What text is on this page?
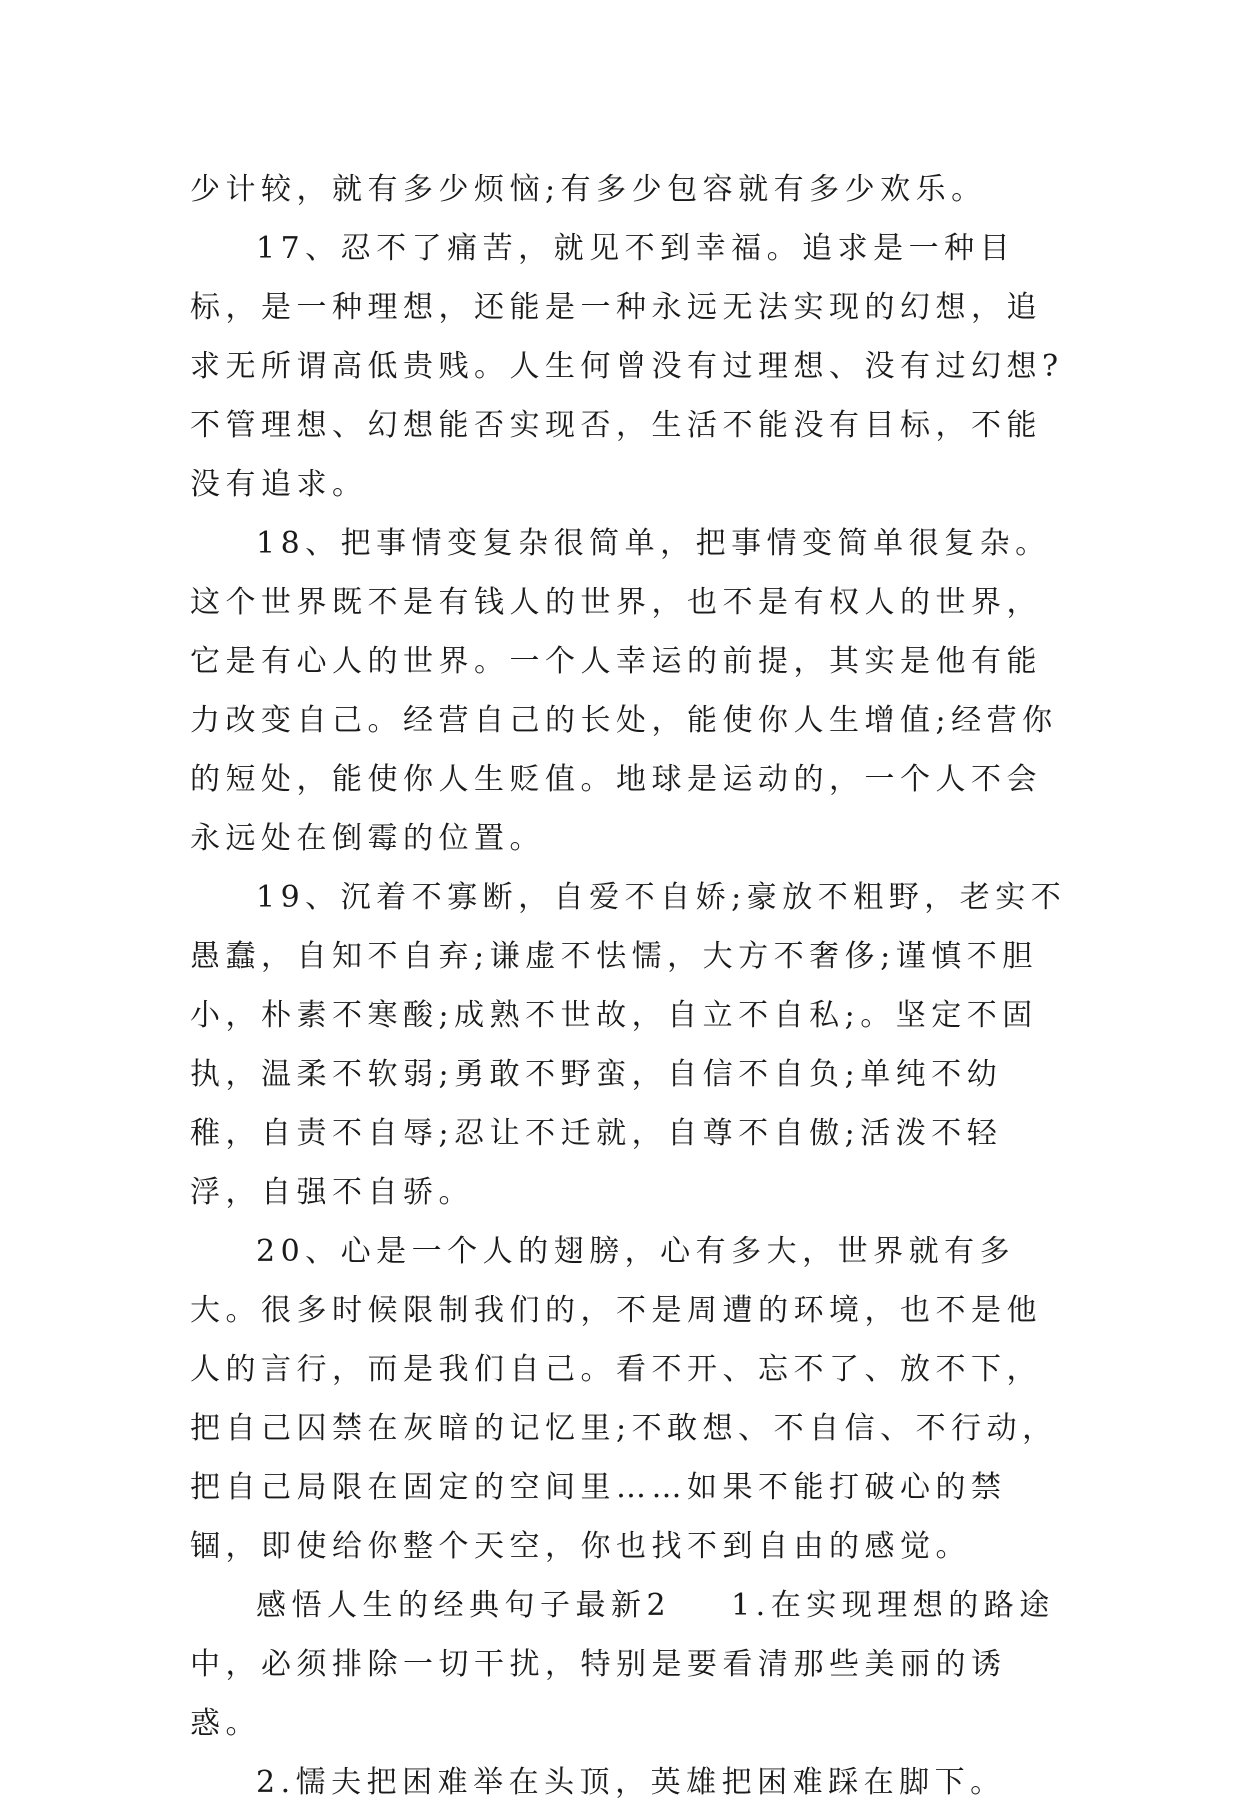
少计较，就有多少烦恼;有多少包容就有多少欢乐。

17、忍不了痛苦，就见不到幸福。追求是一种目标，是一种理想，还能是一种永远无法实现的幻想，追求无所谓高低贵贱。人生何曾没有过理想、没有过幻想?不管理想、幻想能否实现否，生活不能没有目标，不能没有追求。

18、把事情变复杂很简单，把事情变简单很复杂。这个世界既不是有钱人的世界，也不是有权人的世界，它是有心人的世界。一个人幸运的前提，其实是他有能力改变自己。经营自己的长处，能使你人生增值;经营你的短处，能使你人生贬值。地球是运动的，一个人不会永远处在倒霉的位置。

19、沉着不寡断，自爱不自娇;豪放不粗野，老实不愚蠢，自知不自弃;谦虚不怯懦，大方不奢侈;谨慎不胆小，朴素不寒酸;成熟不世故，自立不自私;。坚定不固执，温柔不软弱;勇敢不野蛮，自信不自负;单纯不幼稚，自责不自辱;忍让不迁就，自尊不自傲;活泼不轻浮，自强不自骄。

20、心是一个人的翅膀，心有多大，世界就有多大。很多时候限制我们的，不是周遭的环境，也不是他人的言行，而是我们自己。看不开、忘不了、放不下，把自己囚禁在灰暗的记忆里;不敢想、不自信、不行动，把自己局限在固定的空间里……如果不能打破心的禁锢，即使给你整个天空，你也找不到自由的感觉。

感悟人生的经典句子最新2 1.在实现理想的路途中，必须排除一切干扰，特别是要看清那些美丽的诱惑。

2.懦夫把困难举在头顶，英雄把困难踩在脚下。
